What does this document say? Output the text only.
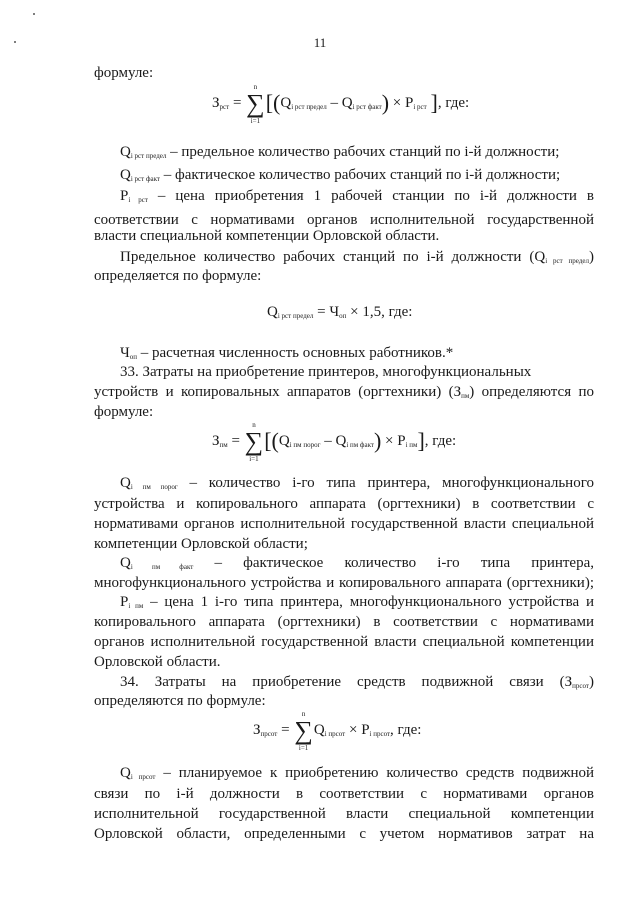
11
формуле:
$З_{рст}$ = ∑
n
i=1
[$(Q_{i рст предел} - Q_{i рст факт}) \times P_{i рст}$ ], где:
$Q_{i рст предел}$ – предельное количество рабочих станций по i-й должности;
$Q_{i рст факт}$ – фактическое количество рабочих станций по i-й должности;
$P_{i рст}$ – цена приобретения 1 рабочей станции по i-й должности в соответствии с нормативами органов исполнительной государственной
власти специальной компетенции Орловской области.
Предельное количество рабочих станций по i-й должности $(Q_{i рст предел})$
определяется по формуле:
$Q_{i рст предел} = Ч_{оп} \times 1,5$, где:
$Ч_{оп}$ – расчетная численность основных работников.*
33. Затраты на приобретение принтеров, многофункциональных
устройств и копировальных аппаратов (оргтехники) $(З_{пм})$ определяются по
формуле:
$З_{пм}$ = ∑
n
i=1
$[(Q_{i пм порог} - Q_{i пм факт}) \times P_{i пм}]$, где:
$Q_{i пм порог}$ – количество i-го типа принтера, многофункционального
устройства и копировального аппарата (оргтехники) в соответствии с
нормативами органов исполнительной государственной власти специальной
компетенции Орловской области;
$Q_{i пм факт}$ – фактическое количество i-го типа принтера,
многофункционального устройства и копировального аппарата (оргтехники);
$P_{i пм}$ – цена 1 i-го типа принтера, многофункционального устройства и
копировального аппарата (оргтехники) в соответствии с нормативами
органов исполнительной государственной власти специальной компетенции
Орловской области.
34. Затраты на приобретение средств подвижной связи $(З_{прсот})$
определяются по формуле:
$З_{прсот}$ = ∑
n
i=1
$Q_{i прсот} \times P_{i прсот}$, где:
$Q_{i прсот}$ – планируемое к приобретению количество средств подвижной
связи по i-й должности в соответствии с нормативами органов
исполнительной государственной власти специальной компетенции
Орловской области, определенными с учетом нормативов затрат на
